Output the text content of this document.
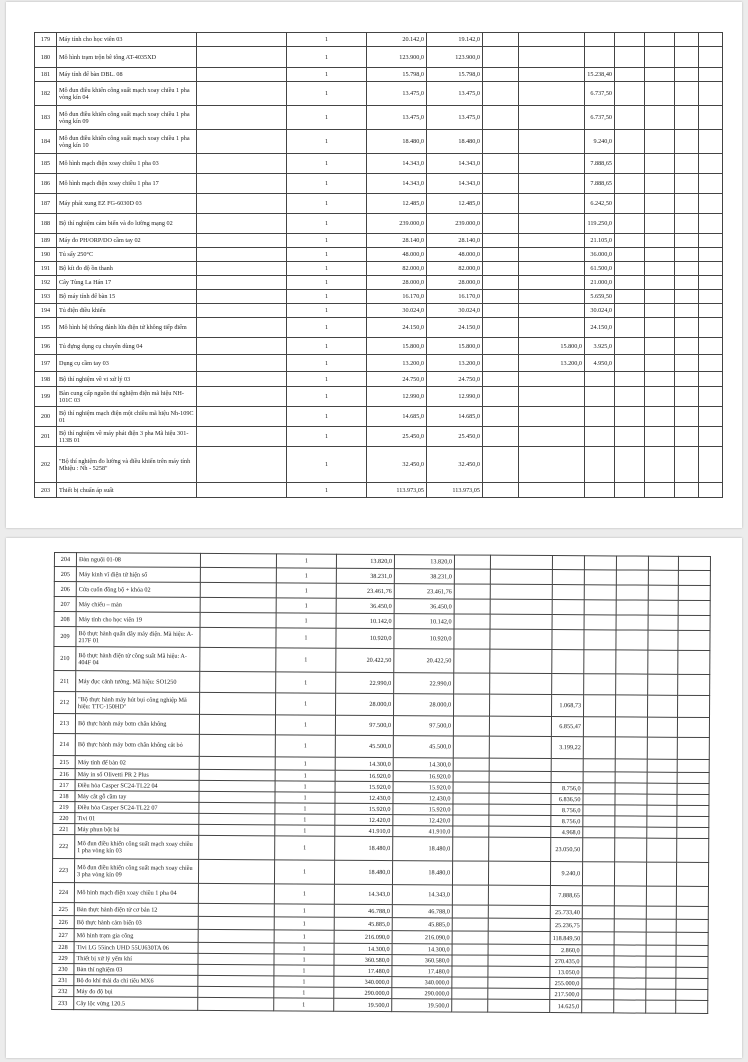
179	Máy tính cho học viên 03		1	20.142,0	19.142,0							
180	Mô hình trạm trộn bê tông AT-4035XD		1	123.900,0	123.900,0							
181	Máy tính để bàn DBL. 08		1	15.798,0	15.798,0			15.238,40				
182	Mô đun điều khiển công suất mạch xoay chiều 1 pha vòng kín 04		1	13.475,0	13.475,0			6.737,50				
183	Mô đun điều khiển công suất mạch xoay chiều 1 pha vòng kín 09		1	13.475,0	13.475,0			6.737,50				
184	Mô đun điều khiển công suất mạch xoay chiều 1 pha vòng kín 10		1	18.480,0	18.480,0			9.240,0				
185	Mô hình mạch điện xoay chiều 1 pha 03		1	14.343,0	14.343,0			7.888,65				
186	Mô hình mạch điện xoay chiều 1 pha 17		1	14.343,0	14.343,0			7.888,65				
187	Máy phát xung EZ FG-6030D 03		1	12.485,0	12.485,0			6.242,50				
188	Bộ thí nghiệm cảm biến và đo lường mạng 02		1	239.000,0	239.000,0			119.250,0				
189	Máy đo PH/ORP/DO cầm tay 02		1	28.140,0	28.140,0			21.105,0				
190	Tủ sấy 250°C		1	48.000,0	48.000,0			36.000,0				
191	Bộ kít đo độ ồn thanh		1	82.000,0	82.000,0			61.500,0				
192	Cây Tùng La Hán 17		1	28.000,0	28.000,0			21.000,0				
193	Bộ máy tính để bàn 15		1	16.170,0	16.170,0			5.659,50				
194	Tủ điện điều khiển		1	30.024,0	30.024,0			30.024,0				
195	Mô hình hệ thống đánh lửa điện tử không tiếp điểm		1	24.150,0	24.150,0			24.150,0				
196	Tủ đựng dụng cụ chuyên dùng 04		1	15.800,0	15.800,0		15.800,0	3.925,0				
197	Dụng cụ cầm tay 03		1	13.200,0	13.200,0		13.200,0	4.950,0				
198	Bộ thí nghiệm về vi xử lý 03		1	24.750,0	24.750,0							
199	Bàn cung cấp nguồn thí nghiệm điện mã hiệu NH-101C 03		1	12.990,0	12.990,0							
200	Bộ thí nghiệm mạch điện một chiều mã hiệu Nh-109C 01		1	14.685,0	14.685,0							
201	Bộ thí nghiệm về máy phát điện 3 pha Mã hiệu 301-113B 01		1	25.450,0	25.450,0							
202	"Bộ thí nghiệm đo lường và điều khiển trên máy tính Mhiệu : Nh - 5258"		1	32.450,0	32.450,0							
203	Thiết bị chuẩn áp suất		1	113.973,05	113.973,05							
204	Đàn nguội 01-08		1	13.820,0	13.820,0							
205	Máy kinh vĩ điện tử hiện số		1	38.231,0	38.231,0							
206	Cửa cuốn đồng bộ + khóa 02		1	23.461,76	23.461,76							
207	Máy chiếu – màn		1	36.450,0	36.450,0							
208	Máy tính cho học viên 19		1	10.142,0	10.142,0							
209	Bộ thực hành quấn dây máy điện. Mã hiệu: A-217F 01		1	10.920,0	10.920,0							
210	Bộ thực hành điện tử công suất Mã hiệu: A-404F 04		1	20.422,50	20.422,50							
211	Máy đục cảnh tường. Mã hiệu: SO1250		1	22.990,0	22.990,0							
212	"Bộ thực hành máy hút bụi công nghiệp Mã hiệu: TTC-150HD"		1	28.000,0	28.000,0			1.068,73				
213	Bộ thực hành máy bơm chân không		1	97.500,0	97.500,0			6.855,47				
214	Bộ thực hành máy bơm chân không cắt bỏ		1	45.500,0	45.500,0			3.199,22				
215	Máy tính để bàn 02		1	14.300,0	14.300,0							
216	Máy in số Olivetti PR 2 Plus		1	16.920,0	16.920,0							
217	Điều hòa Casper SC24-TL22 04		1	15.920,0	15.920,0			8.756,0				
218	Máy cắt gỗ cầm tay		1	12.430,0	12.430,0			6.836,50				
219	Điều hòa Casper SC24-TL22 07		1	15.920,0	15.920,0			8.756,0				
220	Tivi 01		1	12.420,0	12.420,0			8.756,0				
221	Máy phun bột bả		1	41.910,0	41.910,0			4.968,0				
222	Mô đun điều khiển công suất mạch xoay chiều 1 pha vòng kín 03		1	18.480,0	18.480,0			23.050,50				
223	Mô đun điều khiển công suất mạch xoay chiều 3 pha vòng kín 09		1	18.480,0	18.480,0			9.240,0				
224	Mô hình mạch điện xoay chiều 1 pha 04		1	14.343,0	14.343,0			7.888,65				
225	Bàn thực hành điện tử cơ bản 12		1	46.788,0	46.788,0			25.733,40				
226	Bộ thực hành cảm biến 03		1	45.885,0	45.885,0			25.236,75				
227	Mô hình trạm gia công		1	216.090,0	216.090,0			118.849,50				
228	Tivi LG 55inch UHD 55UJ630TA 06		1	14.300,0	14.300,0			2.860,0				
229	Thiết bị xử lý yếm khí		1	360.580,0	360.580,0			270.435,0				
230	Bàn thí nghiệm 03		1	17.480,0	17.480,0			13.050,0				
231	Bộ đo khí thải đa chỉ tiêu MX6		1	340.000,0	340.000,0			255.000,0				
232	Máy đo độ bụi		1	290.000,0	290.000,0			217.500,0				
233	Cây lộc vừng 120.5		1	19.500,0	19.500,0			14.625,0				
